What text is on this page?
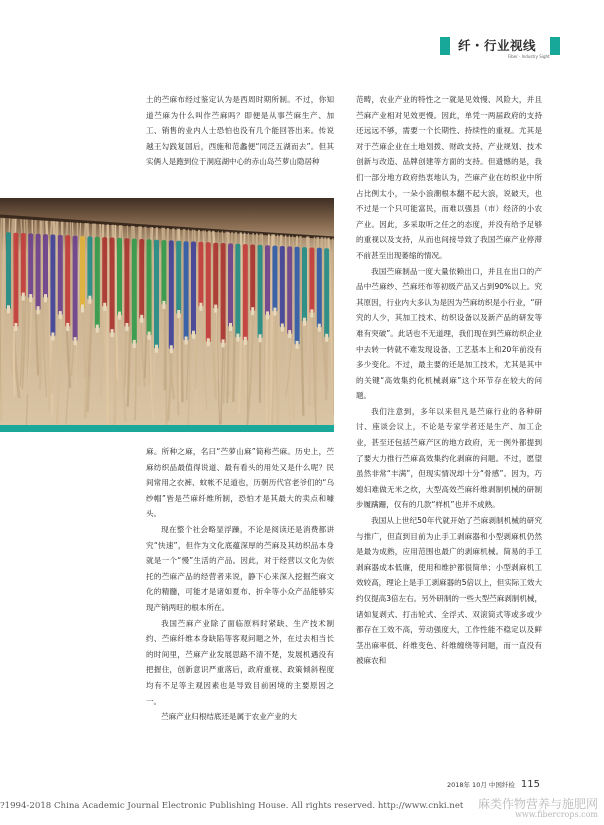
纤・行业视线
Fiber · Industry Sight

土的苎麻布经过鉴定认为是西周时期所制。不过，你知道苎麻为什么叫作苎麻吗？即便是从事苎麻生产、加工、销售的业内人士恐怕也没有几个能回答出来。传说越王勾践复国后，西施和范蠡便“同泛五湖而去”。但其实俩人是跑到位于洞庭湖中心的赤山岛苎萝山隐居种

麻。所种之麻，名曰“苎萝山麻”简称苎麻。历史上，苎麻纺织品最值得说道、最有看头的用处又是什么呢？民间常用之衣裤、蚊帐不足道也，历朝历代官老爷们的“乌纱帽”皆是苎麻纤维所制，恐怕才是其最大的卖点和噱头。

现在整个社会略显浮躁，不论是阅读还是消费都讲究“快速”，但作为文化底蕴深厚的苎麻及其纺织品本身就是一个“慢”生活的产品。因此，对于经营以文化为依托的苎麻产品的经营者来说，静下心来深入挖掘苎麻文化的精髓，可能才是诸如夏布、折伞等小众产品能够实现产销两旺的根本所在。

我国苎麻产业除了面临原料时紧缺、生产技术制约、苎麻纤维本身缺陷等客观问题之外，在过去相当长的时间里，苎麻产业发展思路不清不楚，发展机遇没有把握住，创新意识严重落后，政府重视、政策倾斜程度均有不足等主观因素也是导致目前困境的主要原因之一。

苎麻产业归根结底还是属于农业产业的大

范畴，农业产业的特性之一就是见效慢、风险大，并且苎麻产业相对见效更慢。因此，单凭一两届政府的支持还远远不够，需要一个长期性、持续性的重视。尤其是对于苎麻企业在土地划拨、财政支持、产业规划、技术创新与改造、品牌创建等方面的支持。但遗憾的是，我们一部分地方政府热衷地认为，苎麻产业在纺织业中所占比例太小，一朵小浪潮根本翻不起大浪，说破天，也不过是一个只可能富民，而难以强县（市）经济的小农产业。因此，多采取听之任之的态度，并没有给予足够的重视以及支持，从而也间接导致了我国苎麻产业停滞不前甚至出现萎缩的情况。

我国苎麻制品一度大量依赖出口，并且在出口的产品中苎麻纱、苎麻坯布等初级产品又占到90%以上。究其原因，行业内大多认为是因为苎麻纺织是小行业，“研究的人少，其加工技术、纺织设备以及新产品的研发等难有突破”。此话也不无道理，我们现在到苎麻纺织企业中去转一转就不难发现设备、工艺基本上和20年前没有多少变化。不过，最主要的还是加工技术，尤其是其中的关键“高效集约化机械剥麻”这个环节存在较大的问题。

我们注意到，多年以来但凡是苎麻行业的各种研讨、座谈会议上，不论是专家学者还是生产、加工企业，甚至还包括苎麻产区的地方政府，无一例外都提到了要大力推行苎麻高效集约化剥麻的问题。不过，愿望虽然非常“丰满”，但现实情况却十分“骨感”。因为，巧媳妇难做无米之炊，大型高效苎麻纤维剥制机械的研制步履蹒跚，仅有的几款“样机”也并不成熟。

我国从上世纪50年代就开始了苎麻剥制机械的研究与推广，但直到目前为止手工剥麻器和小型剥麻机仍然是最为成熟，应用范围也最广的剥麻机械。简易的手工剥麻器成本低廉，使用和维护都很简单；小型剥麻机工效较高，理论上是手工剥麻器的5倍以上，但实际工效大约仅提高3倍左右。另外研制的一些大型苎麻剥制机械，诸如复剥式、打击轮式、全浮式、双滚筒式等或多或少都存在工效不高，劳动强度大，工作性能不稳定以及鲜茎出麻率低、纤维变色、纤维缠绕等问题，而一直没有被麻农和

2018年 10月 中国纤检 115
?1994-2018 China Academic Journal Electronic Publishing House. All rights reserved. http://www.cnki.net 麻类作物营养与施肥网
www.fibercrops.com
